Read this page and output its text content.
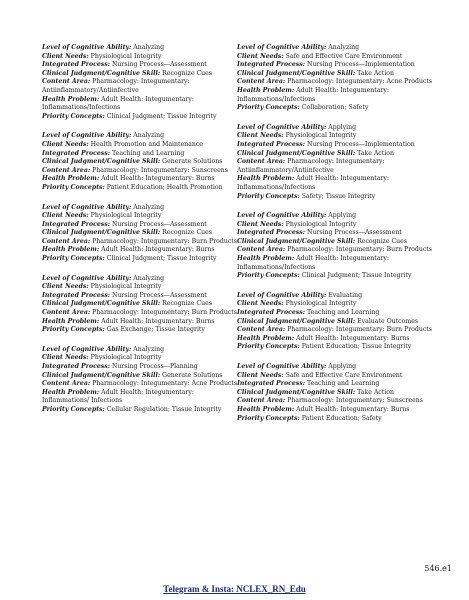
Level of Cognitive Ability: Analyzing
Client Needs: Physiological Integrity
Integrated Process: Nursing Process—Assessment
Clinical Judgment/Cognitive Skill: Recognize Cues
Content Area: Pharmacology: Integumentary: Antiinflammatory/Antiinfective
Health Problem: Adult Health: Integumentary: Inflammations/Infections
Priority Concepts: Clinical Judgment; Tissue Integrity
Level of Cognitive Ability: Analyzing
Client Needs: Health Promotion and Maintenance
Integrated Process: Teaching and Learning
Clinical Judgment/Cognitive Skill: Generate Solutions
Content Area: Pharmacology: Integumentary: Sunscreens
Health Problem: Adult Health: Integumentary: Burns
Priority Concepts: Patient Education; Health Promotion
Level of Cognitive Ability: Analyzing
Client Needs: Physiological Integrity
Integrated Process: Nursing Process—Assessment
Clinical Judgment/Cognitive Skill: Recognize Cues
Content Area: Pharmacology: Integumentary: Burn Products
Health Problem: Adult Health: Integumentary: Burns
Priority Concepts: Clinical Judgment; Tissue Integrity
Level of Cognitive Ability: Analyzing
Client Needs: Physiological Integrity
Integrated Process: Nursing Process—Assessment
Clinical Judgment/Cognitive Skill: Recognize Cues
Content Area: Pharmacology: Integumentary: Burn Products
Health Problem: Adult Health: Integumentary: Burns
Priority Concepts: Gas Exchange; Tissue Integrity
Level of Cognitive Ability: Analyzing
Client Needs: Physiological Integrity
Integrated Process: Nursing Process—Planning
Clinical Judgment/Cognitive Skill: Generate Solutions
Content Area: Pharmacology: Integumentary: Acne Products
Health Problem: Adult Health: Integumentary: Inflammations/ Infections
Priority Concepts: Cellular Regulation; Tissue Integrity
Level of Cognitive Ability: Analyzing
Client Needs: Safe and Effective Care Environment
Integrated Process: Nursing Process—Implementation
Clinical Judgment/Cognitive Skill: Take Action
Content Area: Pharmacology: Integumentary: Acne Products
Health Problem: Adult Health: Integumentary: Inflammations/Infections
Priority Concepts: Collaboration; Safety
Level of Cognitive Ability: Applying
Client Needs: Physiological Integrity
Integrated Process: Nursing Process—Implementation
Clinical Judgment/Cognitive Skill: Take Action
Content Area: Pharmacology: Integumentary: Antiinflammatory/Antiinfective
Health Problem: Adult Health: Integumentary: Inflammations/Infections
Priority Concepts: Safety; Tissue Integrity
Level of Cognitive Ability: Applying
Client Needs: Physiological Integrity
Integrated Process: Nursing Process—Assessment
Clinical Judgment/Cognitive Skill: Recognize Cues
Content Area: Pharmacology: Integumentary: Burn Products
Health Problem: Adult Health: Integumentary: Inflammations/Infections
Priority Concepts: Clinical Judgment; Tissue Integrity
Level of Cognitive Ability: Evaluating
Client Needs: Physiological Integrity
Integrated Process: Teaching and Learning
Clinical Judgment/Cognitive Skill: Evaluate Outcomes
Content Area: Pharmacology: Integumentary: Burn Products
Health Problem: Adult Health: Integumentary: Burns
Priority Concepts: Patient Education; Tissue Integrity
Level of Cognitive Ability: Applying
Client Needs: Safe and Effective Care Environment
Integrated Process: Teaching and Learning
Clinical Judgment/Cognitive Skill: Take Action
Content Area: Pharmacology: Integumentary: Sunscreens
Health Problem: Adult Health: Integumentary: Burns
Priority Concepts: Patient Education; Safety
546.e1
Telegram & Insta: NCLEX_RN_Edu
